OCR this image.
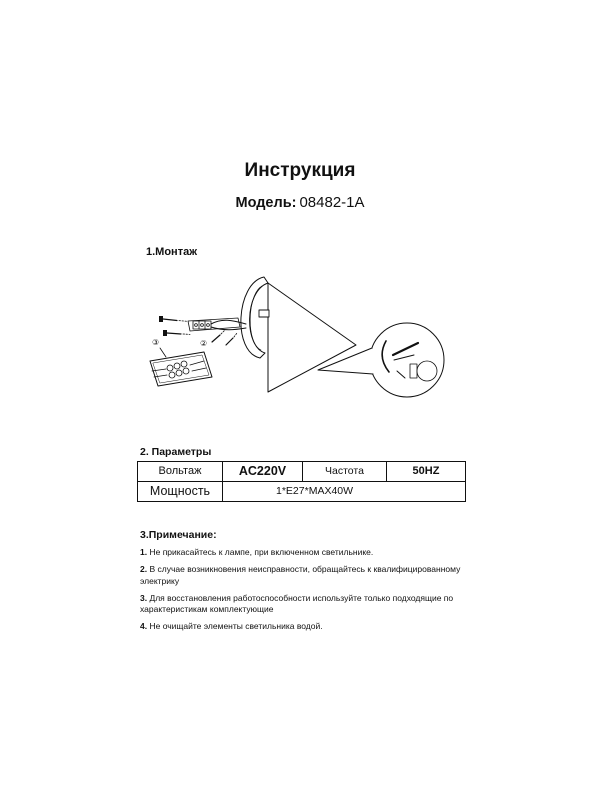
Инструкция
Модель: 08482-1A
1.Монтаж
③	②
2. Параметры
Вольтаж	AC220V	Частота	50HZ
Мощность	1*E27*MAX40W		
3.Примечание:
1. Не прикасайтесь к лампе, при включенном светильнике.
2. В случае возникновения неисправности, обращайтесь к квалифицированному электрику
3. Для восстановления работоспособности используйте только подходящие по характеристикам комплектующие
4. Не очищайте элементы светильника водой.
